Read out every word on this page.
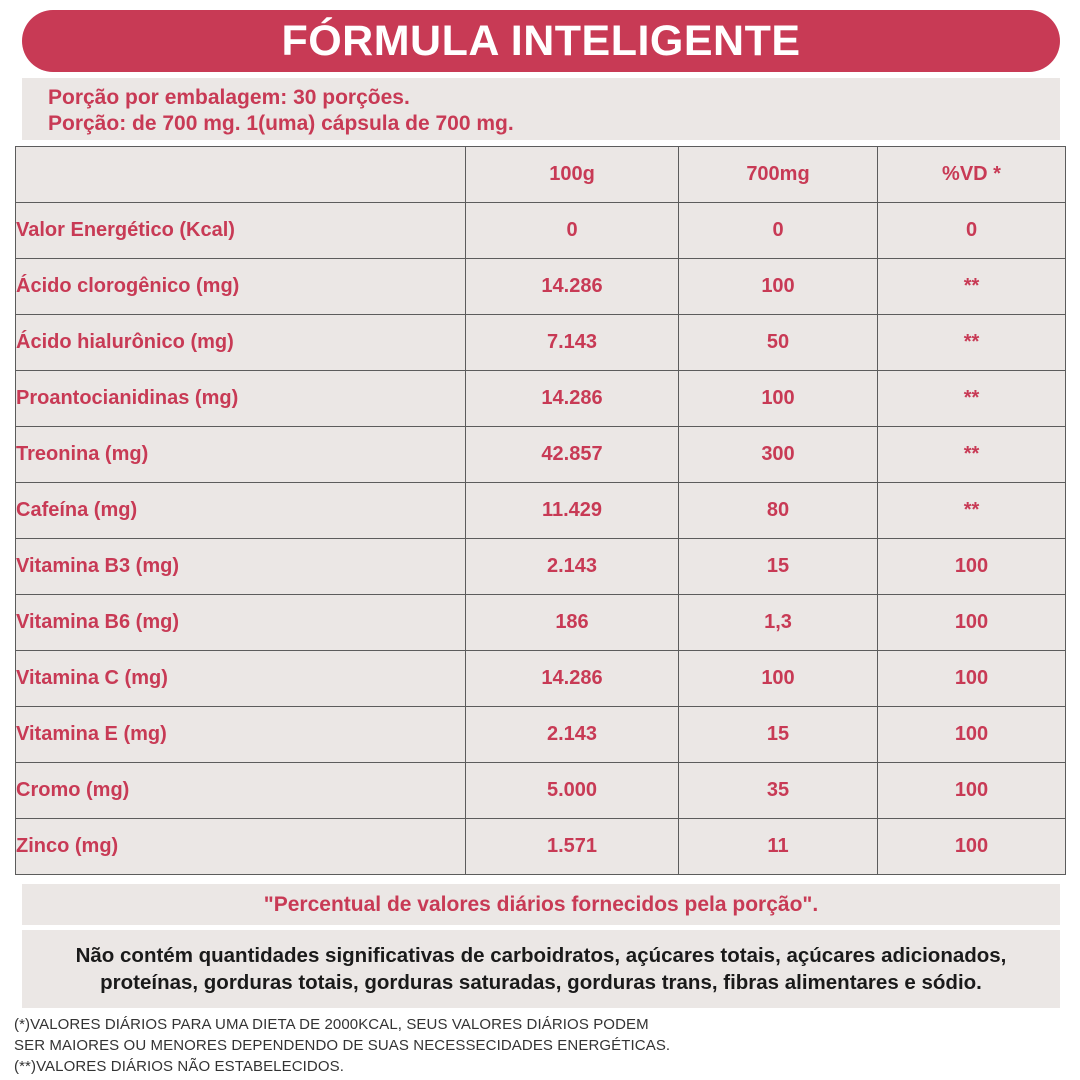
FÓRMULA INTELIGENTE
Porção por embalagem: 30 porções.
Porção: de 700 mg. 1(uma) cápsula de 700 mg.
	100g	700mg	%VD *
Valor Energético (Kcal)	0	0	0
Ácido clorogênico (mg)	14.286	100	**
Ácido hialurônico (mg)	7.143	50	**
Proantocianidinas (mg)	14.286	100	**
Treonina (mg)	42.857	300	**
Cafeína (mg)	11.429	80	**
Vitamina B3 (mg)	2.143	15	100
Vitamina B6 (mg)	186	1,3	100
Vitamina C (mg)	14.286	100	100
Vitamina E (mg)	2.143	15	100
Cromo (mg)	5.000	35	100
Zinco (mg)	1.571	11	100
"Percentual de valores diários fornecidos pela porção".
Não contém quantidades significativas de carboidratos, açúcares totais, açúcares adicionados, proteínas, gorduras totais, gorduras saturadas, gorduras trans, fibras alimentares e sódio.
(*)VALORES DIÁRIOS PARA UMA DIETA DE 2000KCAL, SEUS VALORES DIÁRIOS PODEM
SER MAIORES OU MENORES DEPENDENDO DE SUAS NECESSECIDADES ENERGÉTICAS.
(**)VALORES DIÁRIOS NÃO ESTABELECIDOS.
